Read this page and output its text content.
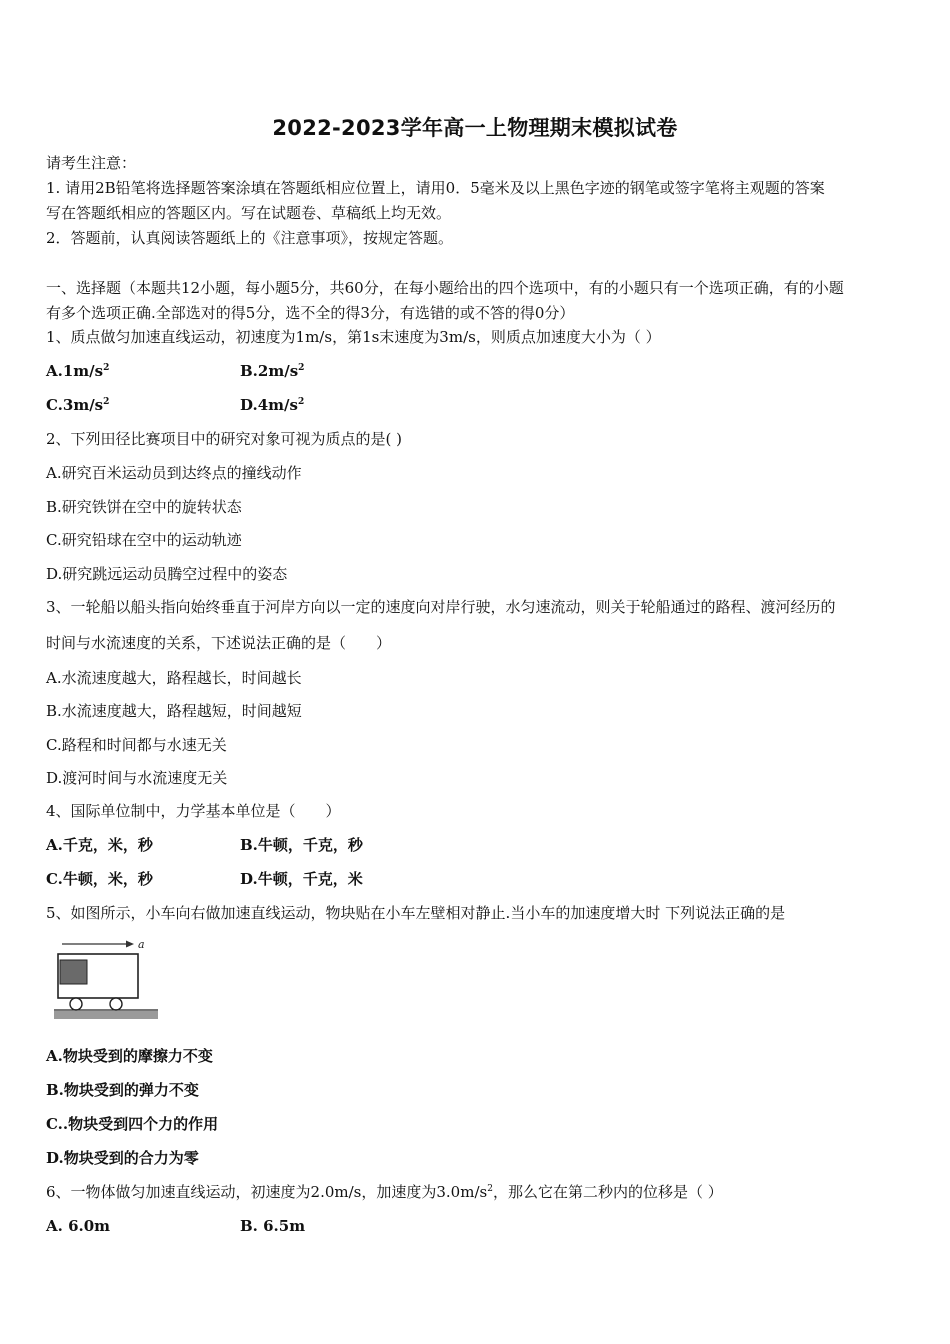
2022-2023学年高一上物理期末模拟试卷
请考生注意：
1. 请用2B铅笔将选择题答案涂填在答题纸相应位置上，请用0．5毫米及以上黑色字迹的钢笔或签字笔将主观题的答案
写在答题纸相应的答题区内。写在试题卷、草稿纸上均无效。
2．答题前，认真阅读答题纸上的《注意事项》，按规定答题。
一、选择题（本题共12小题，每小题5分，共60分，在每小题给出的四个选项中，有的小题只有一个选项正确，有的小题
有多个选项正确.全部选对的得5分，选不全的得3分，有选错的或不答的得0分）
1、质点做匀加速直线运动，初速度为1m/s，第1s末速度为3m/s，则质点加速度大小为（ ）
$A.1m/s^2$	$B.2m/s^2$
$C.3m/s^2$	$D.4m/s^2$
2、下列田径比赛项目中的研究对象可视为质点的是( )
A.研究百米运动员到达终点的撞线动作
B.研究铁饼在空中的旋转状态
C.研究铅球在空中的运动轨迹
D.研究跳远运动员腾空过程中的姿态
3、一轮船以船头指向始终垂直于河岸方向以一定的速度向对岸行驶，水匀速流动，则关于轮船通过的路程、渡河经历的
时间与水流速度的关系，下述说法正确的是（　　）
A.水流速度越大，路程越长，时间越长
B.水流速度越大，路程越短，时间越短
C.路程和时间都与水速无关
D.渡河时间与水流速度无关
4、国际单位制中，力学基本单位是（　　）
A.千克，米，秒	B.牛顿，千克，秒
C.牛顿，米，秒	D.牛顿，千克，米
5、如图所示，小车向右做加速直线运动，物块贴在小车左壁相对静止.当小车的加速度增大时 下列说法正确的是
a
A.物块受到的摩擦力不变
B.物块受到的弹力不变
C..物块受到四个力的作用
D.物块受到的合力为零
6、一物体做匀加速直线运动，初速度为2.0m/s，加速度为$3.0m/s^2$，那么它在第二秒内的位移是（ ）
A. 6.0m	B. 6.5m
